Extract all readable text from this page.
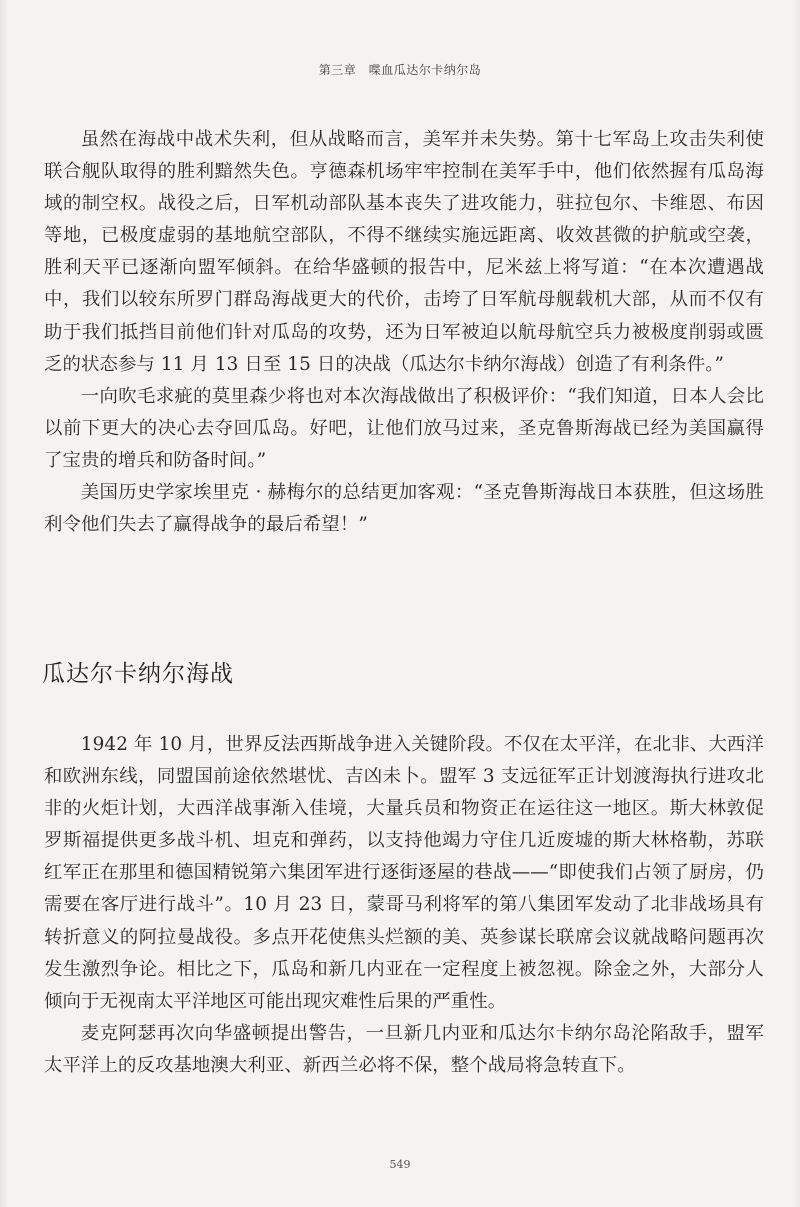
第三章　喋血瓜达尔卡纳尔岛

虽然在海战中战术失利，但从战略而言，美军并未失势。第十七军岛上攻击失利使联合舰队取得的胜利黯然失色。亨德森机场牢牢控制在美军手中，他们依然握有瓜岛海域的制空权。战役之后，日军机动部队基本丧失了进攻能力，驻拉包尔、卡维恩、布因等地，已极度虚弱的基地航空部队，不得不继续实施远距离、收效甚微的护航或空袭，胜利天平已逐渐向盟军倾斜。在给华盛顿的报告中，尼米兹上将写道：“在本次遭遇战中，我们以较东所罗门群岛海战更大的代价，击垮了日军航母舰载机大部，从而不仅有助于我们抵挡目前他们针对瓜岛的攻势，还为日军被迫以航母航空兵力被极度削弱或匮乏的状态参与 11 月 13 日至 15 日的决战（瓜达尔卡纳尔海战）创造了有利条件。”

一向吹毛求疵的莫里森少将也对本次海战做出了积极评价：“我们知道，日本人会比以前下更大的决心去夺回瓜岛。好吧，让他们放马过来，圣克鲁斯海战已经为美国赢得了宝贵的增兵和防备时间。”

美国历史学家埃里克 · 赫梅尔的总结更加客观：“圣克鲁斯海战日本获胜，但这场胜利令他们失去了赢得战争的最后希望！”

瓜达尔卡纳尔海战

1942 年 10 月，世界反法西斯战争进入关键阶段。不仅在太平洋，在北非、大西洋和欧洲东线，同盟国前途依然堪忧、吉凶未卜。盟军 3 支远征军正计划渡海执行进攻北非的火炬计划，大西洋战事渐入佳境，大量兵员和物资正在运往这一地区。斯大林敦促罗斯福提供更多战斗机、坦克和弹药，以支持他竭力守住几近废墟的斯大林格勒，苏联红军正在那里和德国精锐第六集团军进行逐街逐屋的巷战——“即使我们占领了厨房，仍需要在客厅进行战斗”。10 月 23 日，蒙哥马利将军的第八集团军发动了北非战场具有转折意义的阿拉曼战役。多点开花使焦头烂额的美、英参谋长联席会议就战略问题再次发生激烈争论。相比之下，瓜岛和新几内亚在一定程度上被忽视。除金之外，大部分人倾向于无视南太平洋地区可能出现灾难性后果的严重性。

麦克阿瑟再次向华盛顿提出警告，一旦新几内亚和瓜达尔卡纳尔岛沦陷敌手，盟军太平洋上的反攻基地澳大利亚、新西兰必将不保，整个战局将急转直下。

549
